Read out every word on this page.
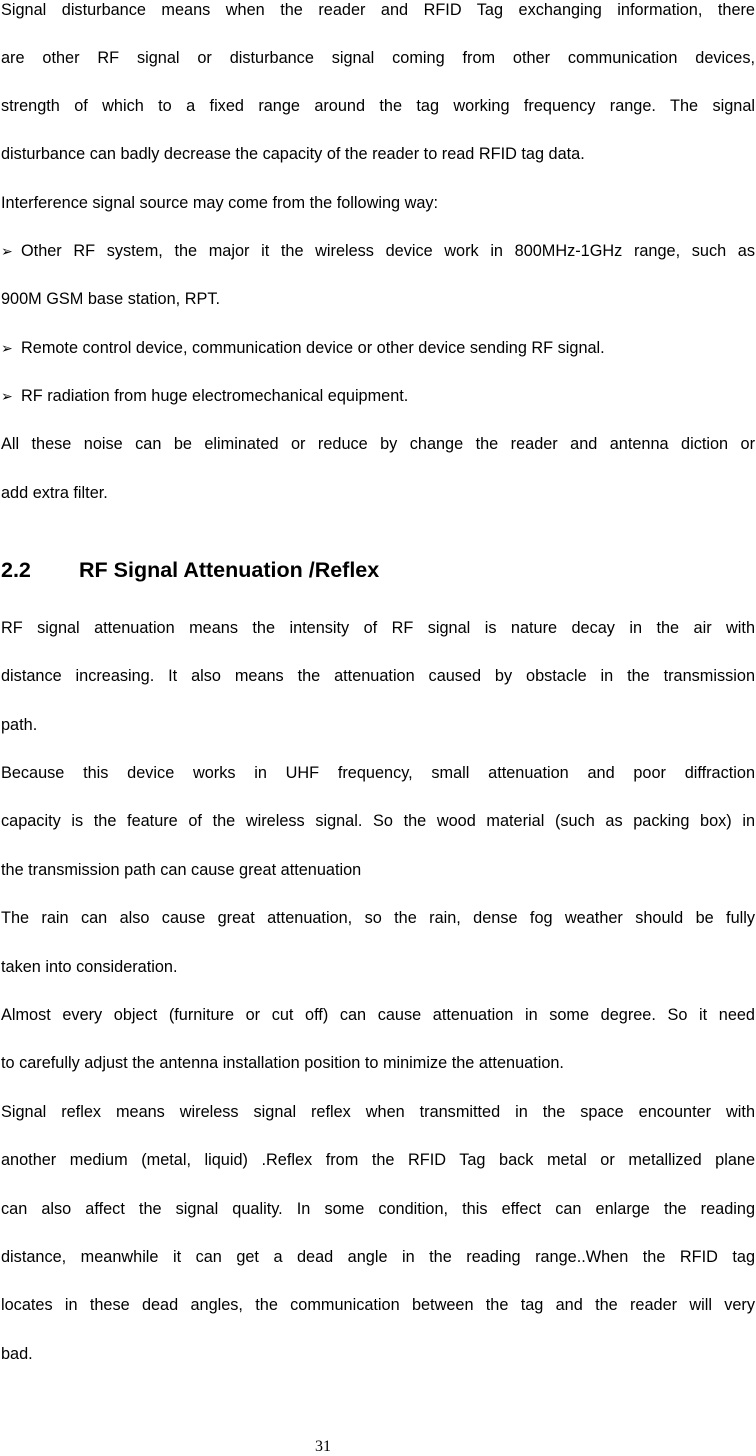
Signal disturbance means when the reader and RFID Tag exchanging information, there
are other RF signal or disturbance signal coming from other communication devices,
strength of which to a fixed range around the tag working frequency range. The signal
disturbance can badly decrease the capacity of the reader to read RFID tag data.
Interference signal source may come from the following way:
➢ Other RF system, the major it the wireless device work in 800MHz-1GHz range, such as
900M GSM base station, RPT.
➢ Remote control device, communication device or other device sending RF signal.
➢ RF radiation from huge electromechanical equipment.
All these noise can be eliminated or reduce by change the reader and antenna diction or
add extra filter.
2.2 RF Signal Attenuation /Reflex
RF signal attenuation means the intensity of RF signal is nature decay in the air with
distance increasing. It also means the attenuation caused by obstacle in the transmission
path.
Because this device works in UHF frequency, small attenuation and poor diffraction
capacity is the feature of the wireless signal. So the wood material (such as packing box) in
the transmission path can cause great attenuation
The rain can also cause great attenuation, so the rain, dense fog weather should be fully
taken into consideration.
Almost every object (furniture or cut off) can cause attenuation in some degree. So it need
to carefully adjust the antenna installation position to minimize the attenuation.
Signal reflex means wireless signal reflex when transmitted in the space encounter with
another medium (metal, liquid) .Reflex from the RFID Tag back metal or metallized plane
can also affect the signal quality. In some condition, this effect can enlarge the reading
distance, meanwhile it can get a dead angle in the reading range..When the RFID tag
locates in these dead angles, the communication between the tag and the reader will very
bad.
31
